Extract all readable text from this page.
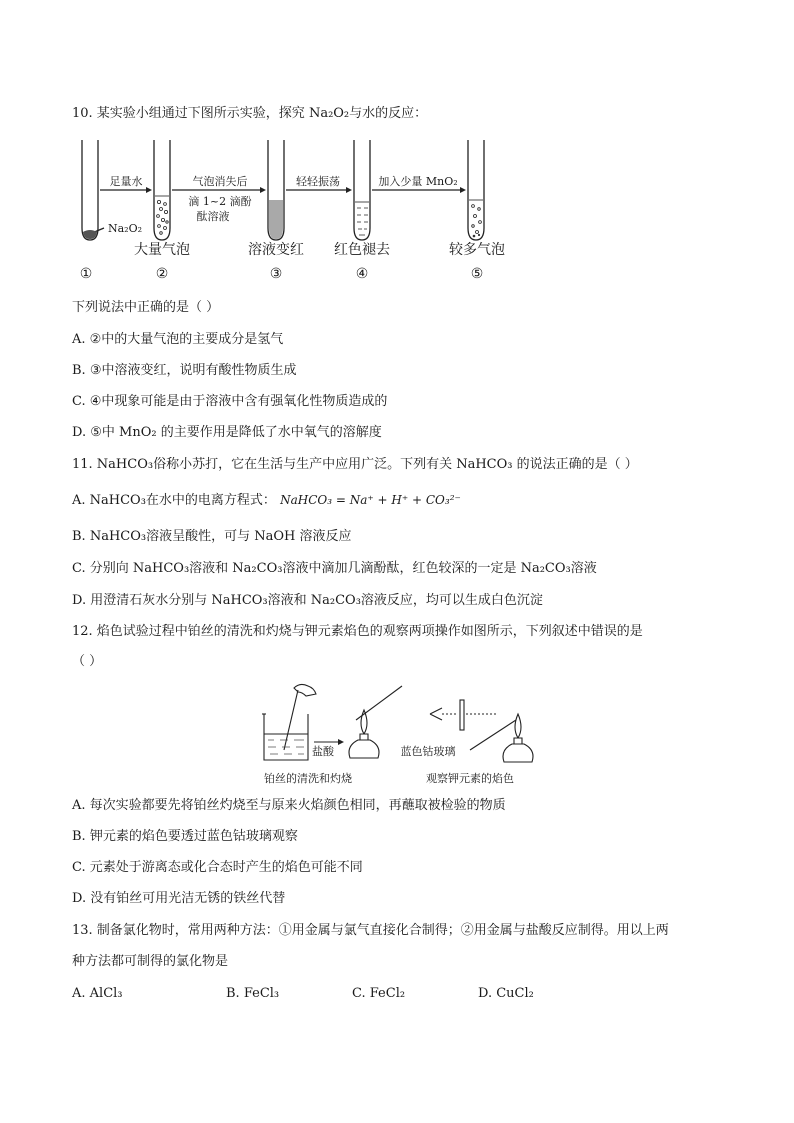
10. 某实验小组通过下图所示实验，探究 Na₂O₂与水的反应：
足量水	气泡消失后
滴 1~2 滴酚
酞溶液
轻轻振荡	加入少量 MnO₂
Na₂O₂
大量气泡	溶液变红 红色褪去	较多气泡
①	②	③	④	⑤
下列说法中正确的是（ ）
A. ②中的大量气泡的主要成分是氢气
B. ③中溶液变红，说明有酸性物质生成
C. ④中现象可能是由于溶液中含有强氧化性物质造成的
D. ⑤中 MnO₂ 的主要作用是降低了水中氧气的溶解度
11. NaHCO₃俗称小苏打，它在生活与生产中应用广泛。下列有关 NaHCO₃ 的说法正确的是（ ）
A. NaHCO₃在水中的电离方程式： NaHCO₃ = Na⁺ + H⁺ + CO₃²⁻
B. NaHCO₃溶液呈酸性，可与 NaOH 溶液反应
C. 分别向 NaHCO₃溶液和 Na₂CO₃溶液中滴加几滴酚酞，红色较深的一定是 Na₂CO₃溶液
D. 用澄清石灰水分别与 NaHCO₃溶液和 Na₂CO₃溶液反应，均可以生成白色沉淀
12. 焰色试验过程中铂丝的清洗和灼烧与钾元素焰色的观察两项操作如图所示，下列叙述中错误的是
（ ）
盐酸	蓝色钴玻璃
铂丝的清洗和灼烧	观察钾元素的焰色
A. 每次实验都要先将铂丝灼烧至与原来火焰颜色相同，再蘸取被检验的物质
B. 钾元素的焰色要透过蓝色钴玻璃观察
C. 元素处于游离态或化合态时产生的焰色可能不同
D. 没有铂丝可用光洁无锈的铁丝代替
13. 制备氯化物时，常用两种方法：①用金属与氯气直接化合制得；②用金属与盐酸反应制得。用以上两
种方法都可制得的氯化物是
A. AlCl₃	B. FeCl₃	C. FeCl₂	D. CuCl₂
